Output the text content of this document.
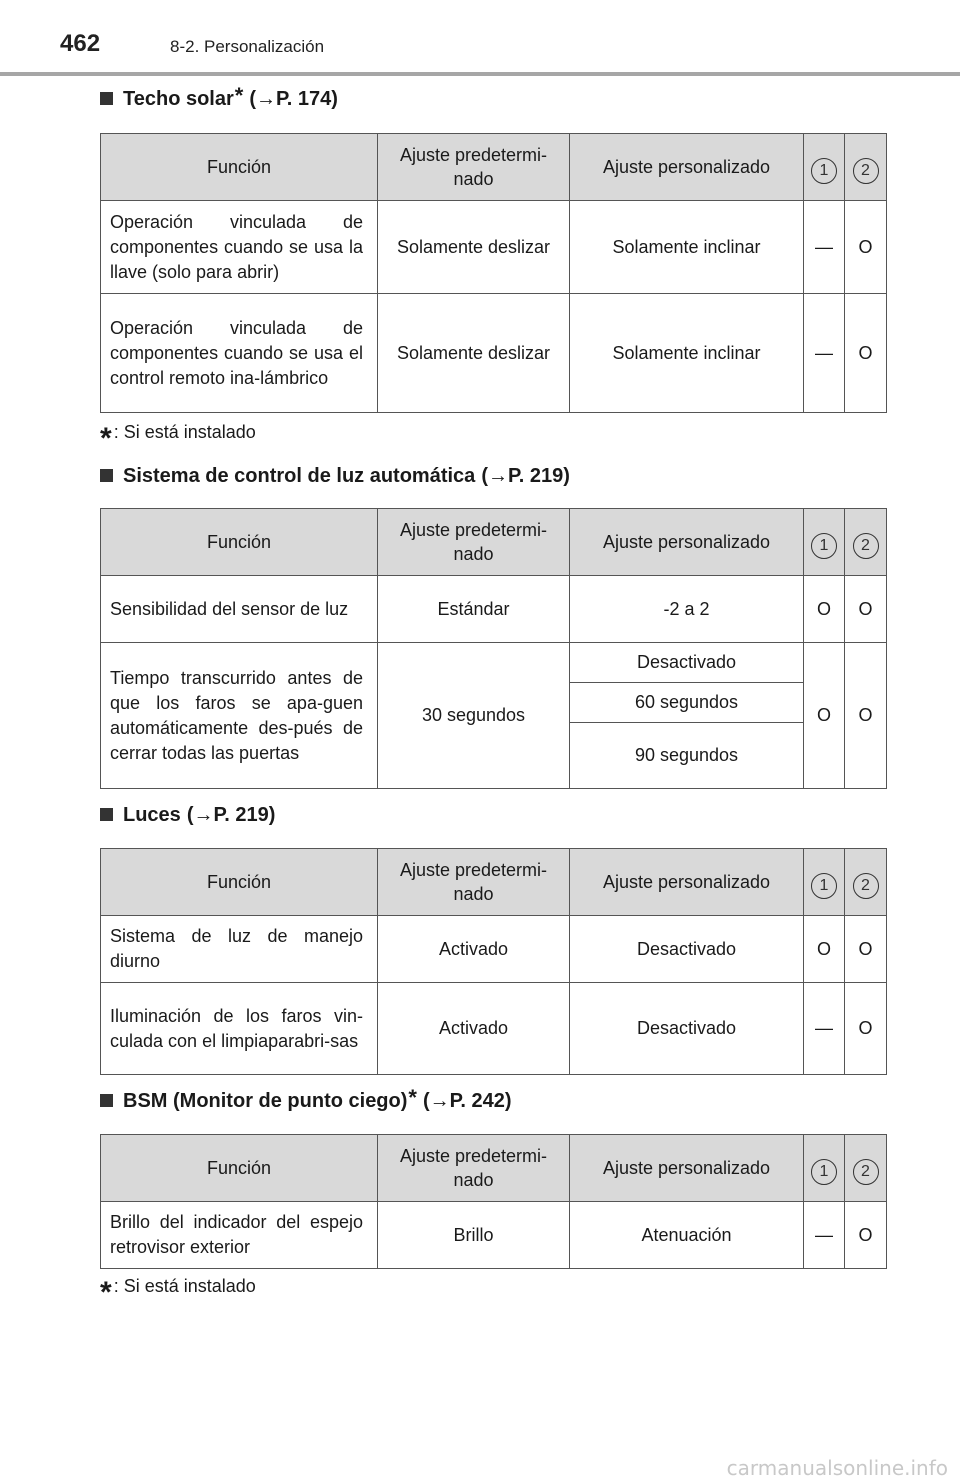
462	8-2. Personalización
Techo solar* (→P. 174)
Función	Ajuste predetermi-nado	Ajuste personalizado	1	2
Operación vinculada de componentes cuando se usa la llave (solo para abrir)	Solamente deslizar	Solamente inclinar	—	O
Operación vinculada de componentes cuando se usa el control remoto ina-lámbrico	Solamente deslizar	Solamente inclinar	—	O
* : Si está instalado
Sistema de control de luz automática (→P. 219)
Función	Ajuste predetermi-nado	Ajuste personalizado	1	2
Sensibilidad del sensor de luz	Estándar	-2 a 2	O	O
Tiempo transcurrido antes de que los faros se apa-guen automáticamente des-pués de cerrar todas las puertas	30 segundos	Desactivado	O	O
		60 segundos		
		90 segundos		
Luces (→P. 219)
Función	Ajuste predetermi-nado	Ajuste personalizado	1	2
Sistema de luz de manejo diurno	Activado	Desactivado	O	O
Iluminación de los faros vin-culada con el limpiaparabri-sas	Activado	Desactivado	—	O
BSM (Monitor de punto ciego)* (→P. 242)
Función	Ajuste predetermi-nado	Ajuste personalizado	1	2
Brillo del indicador del espejo retrovisor exterior	Brillo	Atenuación	—	O
* : Si está instalado
carmanualsonline.info
